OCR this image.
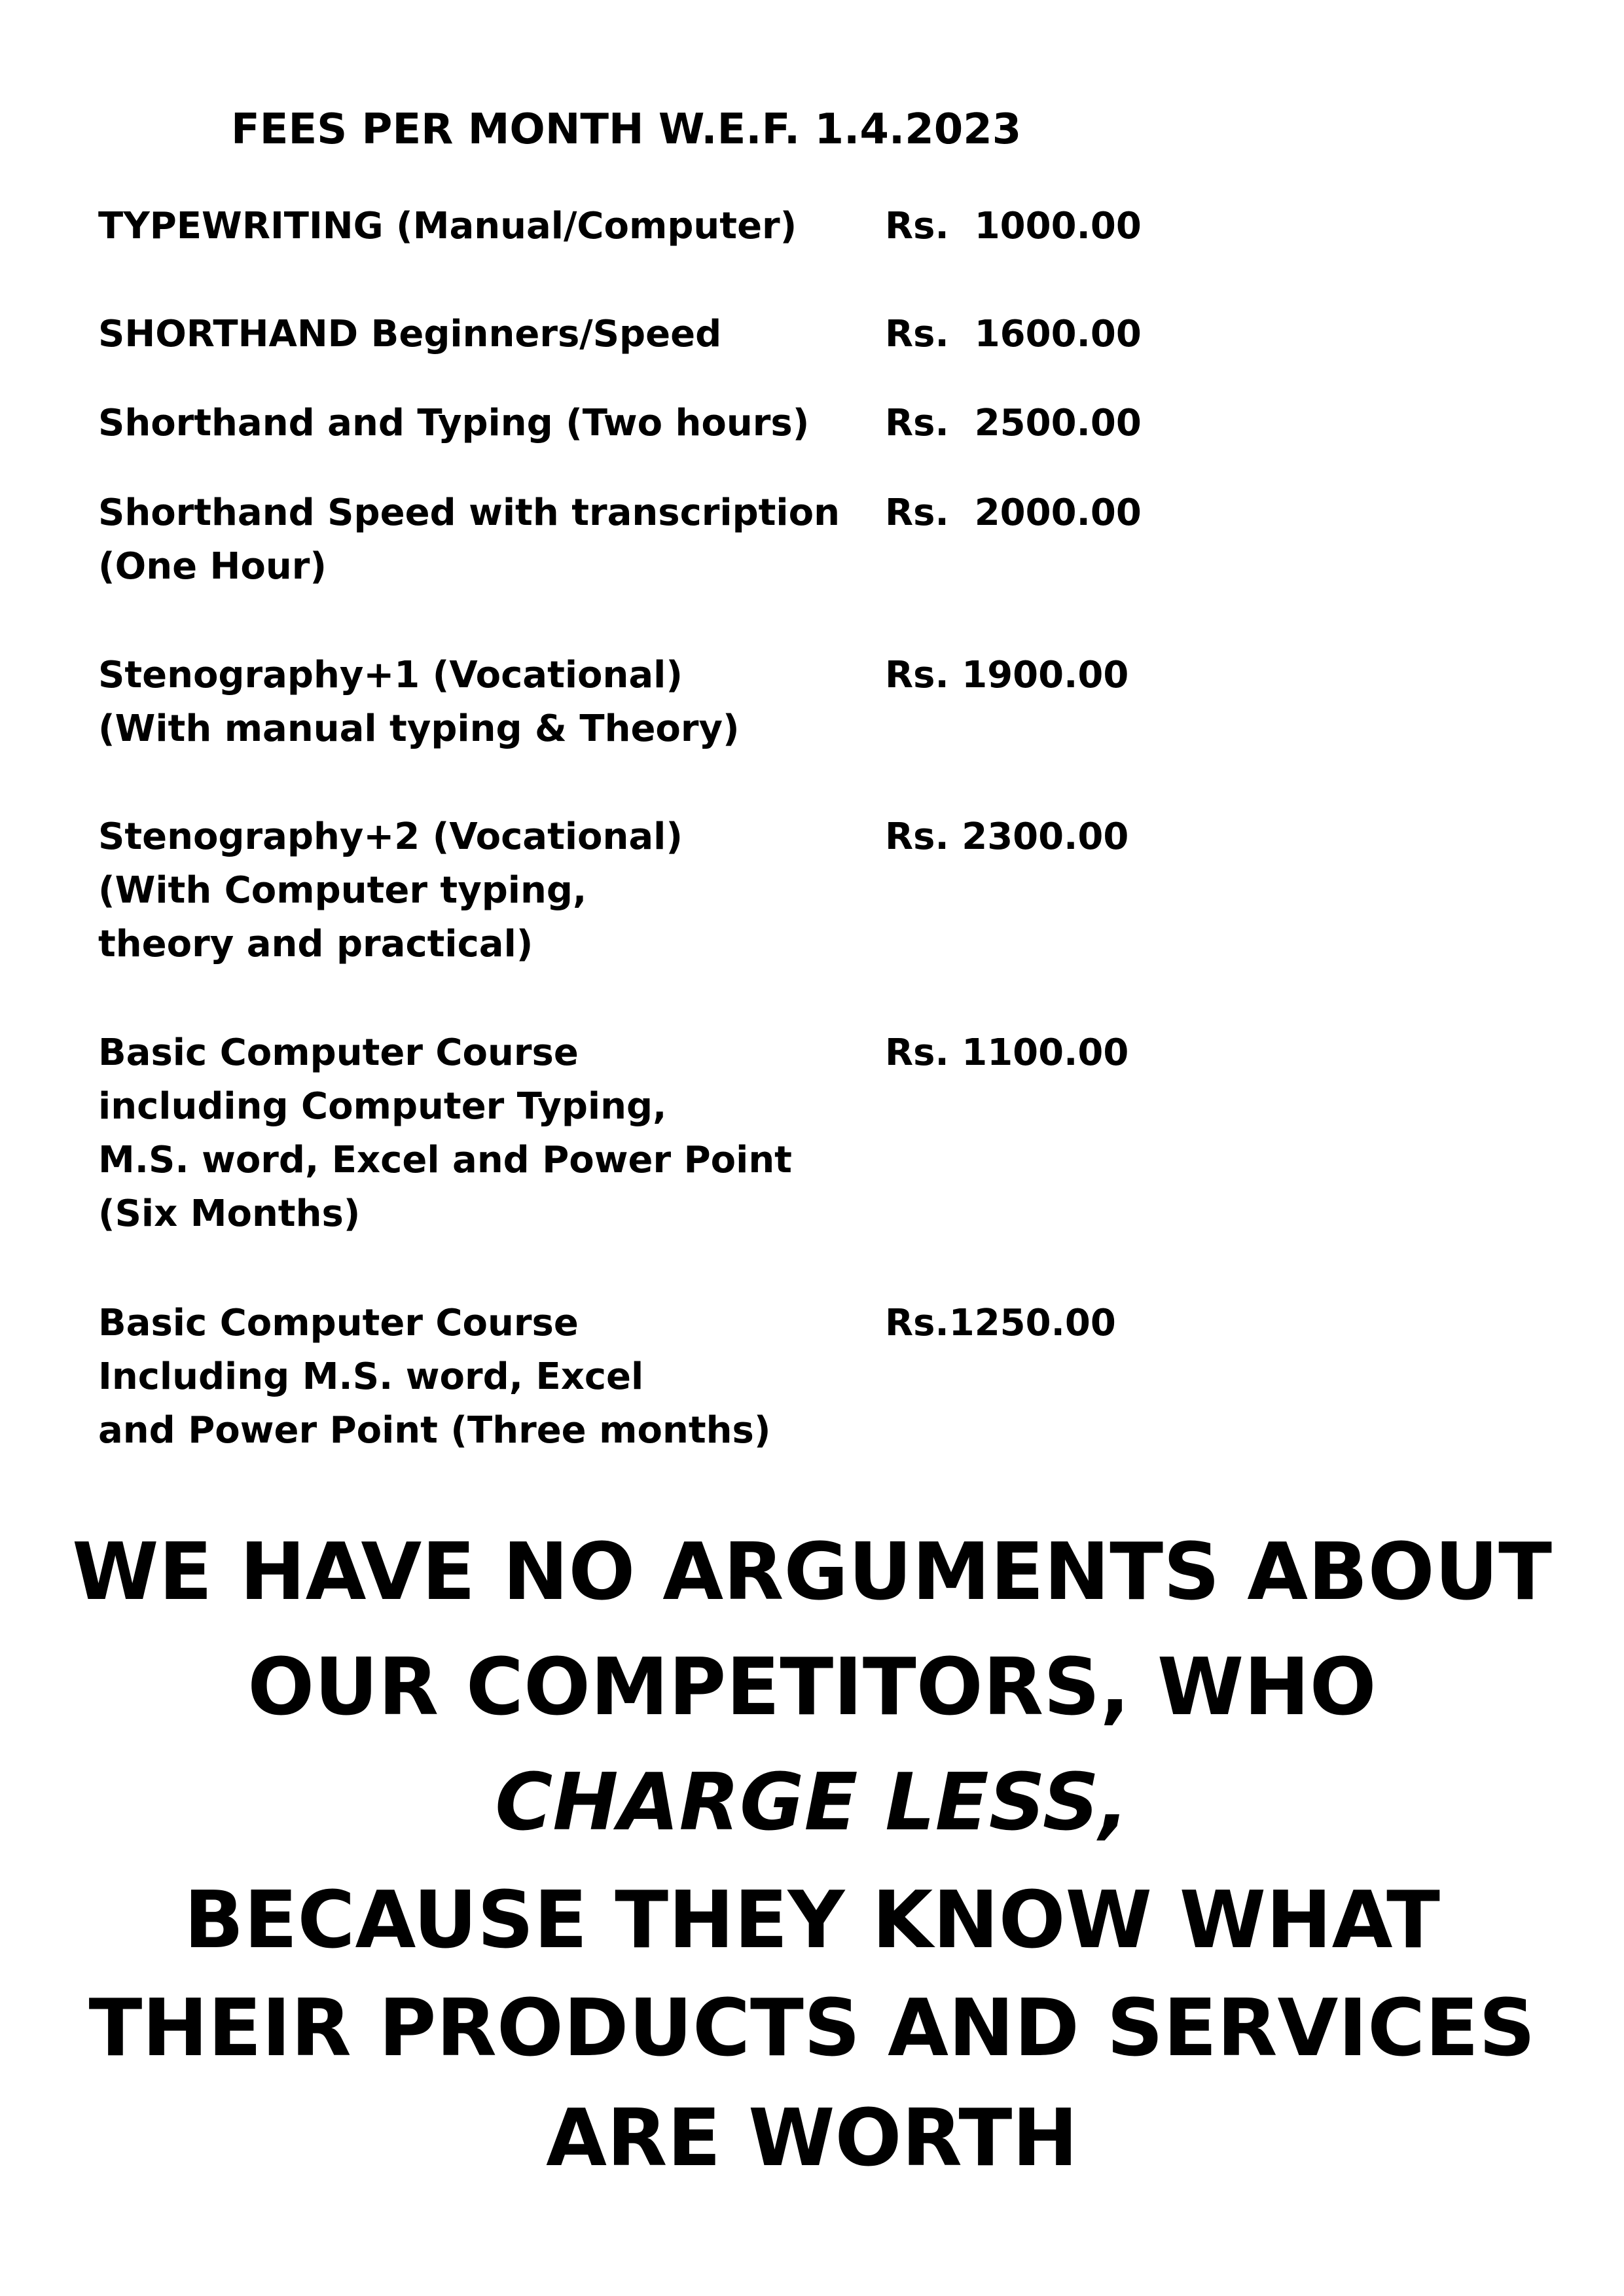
FEES PER MONTH W.E.F. 1.4.2023
TYPEWRITING (Manual/Computer) Rs.  1000.00
SHORTHAND Beginners/Speed	Rs.  1600.00
Shorthand and Typing (Two hours) Rs.  2500.00
Shorthand Speed with transcription
(One Hour)
Rs.  2000.00
Stenography+1 (Vocational)
(With manual typing & Theory)
Rs. 1900.00
Stenography+2 (Vocational)
(With Computer typing,
theory and practical)
Rs. 2300.00
Basic Computer Course
including Computer Typing,
M.S. word, Excel and Power Point
(Six Months)
Rs. 1100.00
Basic Computer Course
Including M.S. word, Excel
and Power Point (Three months)
Rs.1250.00
WE HAVE NO ARGUMENTS ABOUT
OUR COMPETITORS, WHO
CHARGE LESS,
BECAUSE THEY KNOW WHAT
THEIR PRODUCTS AND SERVICES
ARE WORTH
